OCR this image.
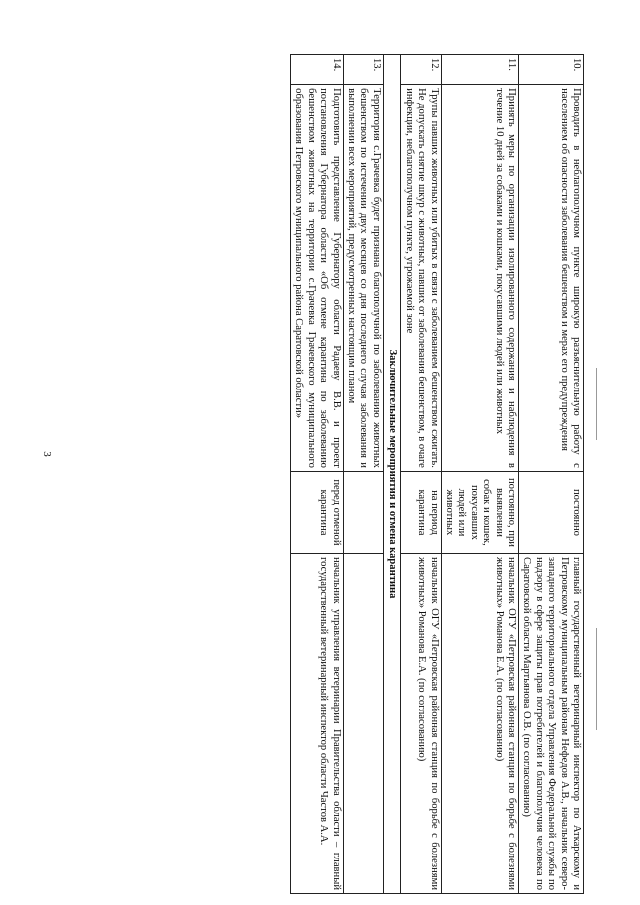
3
10.	Проводить в неблагополучном пункте широкую разъяснительную работу с населением об опасности заболевания бешенством и мерах его предупреждения	постоянно	главный государственный ветеринарный инспектор по Аткарскому и Петровскому муниципальным районам Нефедов А.В., начальник северо-западного территориального отдела Управления Федеральной службы по надзору в сфере защиты прав потребителей и благополучия человека по Саратовской области Мартьянова О.В. (по согласованию)
11.	Принять меры по организации изолированного содержания и наблюдения в течение 10 дней за собаками и кошками, покусавшими людей или животных	постоянно, при выявлении собак и кошек, покусавших людей или животных	начальник ОГУ «Петровская районная станция по борьбе с болезнями животных» Романова Е.А. (по согласованию)
12.	Трупы павших животных или убитых в связи с заболеванием бешенством сжигать. Не допускать снятие шкур с животных, павших от заболевания бешенством, в очаге инфекции, неблагополучном пункте, угрожаемой зоне	на период карантина	начальник ОГУ «Петровская районная станция по борьбе с болезнями животных» Романова Е.А. (по согласованию)
Заключительные мероприятия и отмена карантина			
13.	Территория с.Грачевка будет признана благополучной по заболеванию животных бешенством по истечении двух месяцев со дня последнего случая заболевания и выполнении всех мероприятий, предусмотренных настоящим планом		
14.	Подготовить представление Губернатору области Радаеву В.В. и проект постановления Губернатора области «Об отмене карантина по заболеванию бешенством животных на территории с.Грачевка Грачевского муниципального образования Петровского муниципального района Саратовской области»	перед отменой карантина	начальник управления ветеринарии Правительства области – главный государственный ветеринарный инспектор области Частов А.А.
